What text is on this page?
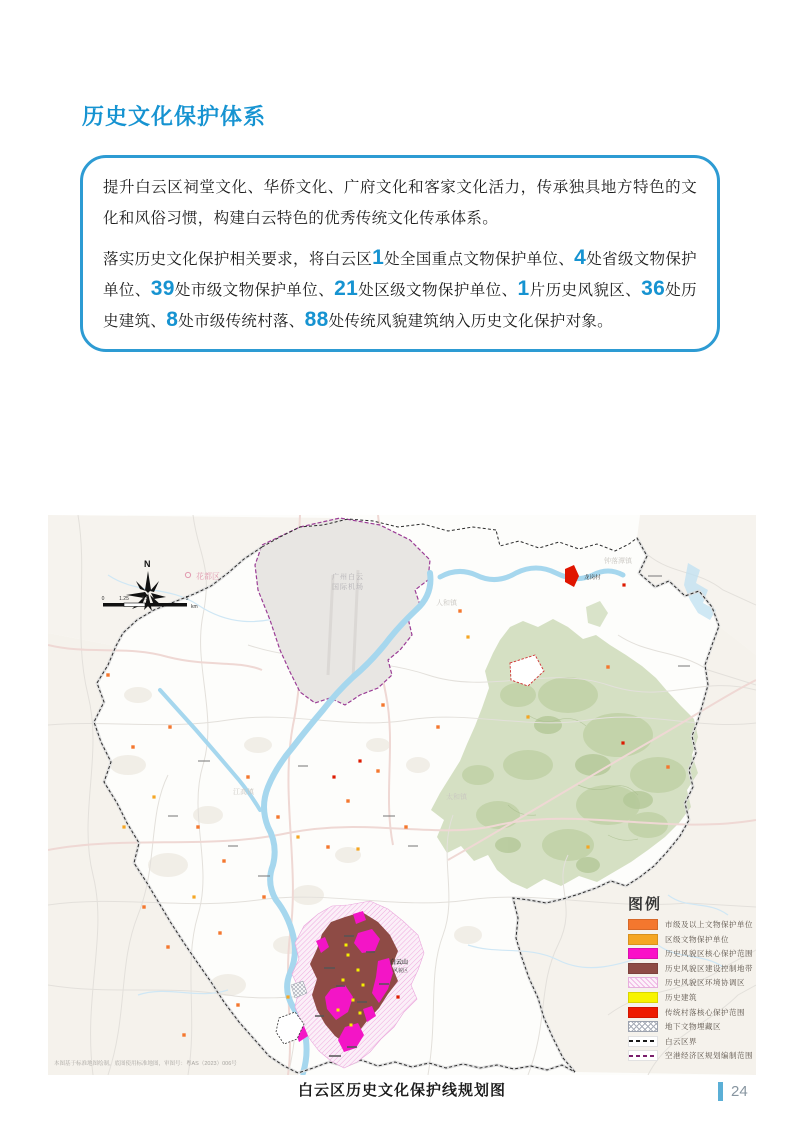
历史文化保护体系

提升白云区祠堂文化、华侨文化、广府文化和客家文化活力，传承独具地方特色的文化和风俗习惯，构建白云特色的优秀传统文化传承体系。

落实历史文化保护相关要求，将白云区1处全国重点文物保护单位、4处省级文物保护单位、39处市级文物保护单位、21处区级文物保护单位、1片历史风貌区、36处历史建筑、8处市级传统村落、88处传统风貌建筑纳入历史文化保护对象。

花都区	广州白云
国际机场
江高镇
人和镇
钟落潭镇
太和镇
白云山
风貌区
龙岗村
本图基于标准地图绘制，底图使用标准地图，审图号：粤AS（2023）006号
N
0	1.25	2.5	5
km
图例
市级及以上文物保护单位
区级文物保护单位
历史风貌区核心保护范围
历史风貌区建设控制地带
历史风貌区环境协调区
历史建筑
传统村落核心保护范围
地下文物埋藏区
白云区界
空港经济区规划编制范围
白云区历史文化保护线规划图	24
